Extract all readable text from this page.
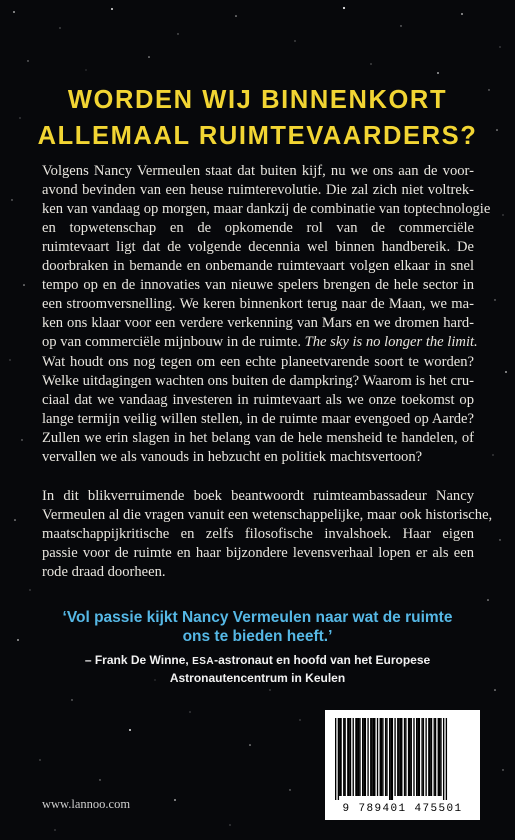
WORDEN WIJ BINNENKORT
ALLEMAAL RUIMTEVAARDERS?
Volgens Nancy Vermeulen staat dat buiten kijf, nu we ons aan de voor-
avond bevinden van een heuse ruimterevolutie. Die zal zich niet voltrek-
ken van vandaag op morgen, maar dankzij de combinatie van toptechnologie
en topwetenschap en de opkomende rol van de commerciële
ruimtevaart ligt dat de volgende decennia wel binnen handbereik. De
doorbraken in bemande en onbemande ruimtevaart volgen elkaar in snel
tempo op en de innovaties van nieuwe spelers brengen de hele sector in
een stroomversnelling. We keren binnenkort terug naar de Maan, we ma-
ken ons klaar voor een verdere verkenning van Mars en we dromen hard-
op van commerciële mijnbouw in de ruimte. The sky is no longer the limit.
Wat houdt ons nog tegen om een echte planeetvarende soort te worden?
Welke uitdagingen wachten ons buiten de dampkring? Waarom is het cru-
ciaal dat we vandaag investeren in ruimtevaart als we onze toekomst op
lange termijn veilig willen stellen, in de ruimte maar evengoed op Aarde?
Zullen we erin slagen in het belang van de hele mensheid te handelen, of
vervallen we als vanouds in hebzucht en politiek machtsvertoon?
In dit blikverruimende boek beantwoordt ruimteambassadeur Nancy
Vermeulen al die vragen vanuit een wetenschappelijke, maar ook historische,
maatschappijkritische en zelfs filosofische invalshoek. Haar eigen
passie voor de ruimte en haar bijzondere levensverhaal lopen er als een
rode draad doorheen.
‘Vol passie kijkt Nancy Vermeulen naar wat de ruimte
ons te bieden heeft.’
– Frank De Winne, ESA-astronaut en hoofd van het Europese
Astronautencentrum in Keulen
9 789401 475501
www.lannoo.com
